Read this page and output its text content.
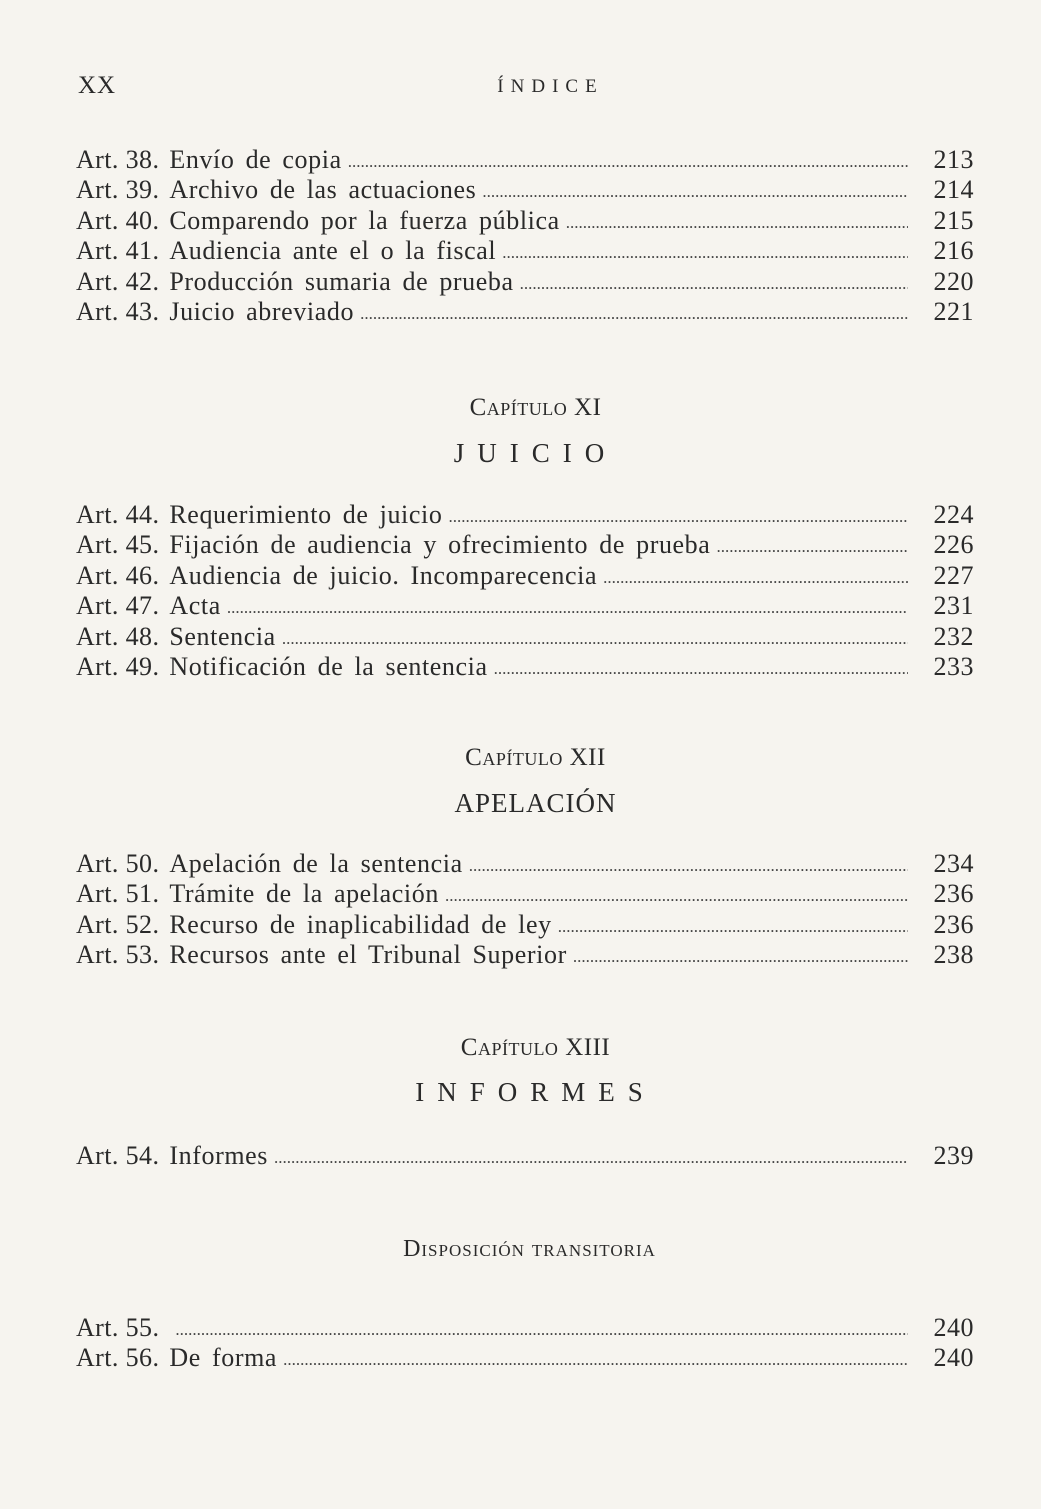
XX	ÍNDICE
Art. 38. Envío de copia .....	213
Art. 39. Archivo de las actuaciones .....	214
Art. 40. Comparendo por la fuerza pública .....	215
Art. 41. Audiencia ante el o la fiscal .....	216
Art. 42. Producción sumaria de prueba .....	220
Art. 43. Juicio abreviado .....	221
Capítulo XI
JUICIO
Art. 44. Requerimiento de juicio .....	224
Art. 45. Fijación de audiencia y ofrecimiento de prueba .....	226
Art. 46. Audiencia de juicio. Incomparecencia .....	227
Art. 47. Acta .....	231
Art. 48. Sentencia .....	232
Art. 49. Notificación de la sentencia .....	233
Capítulo XII
APELACIÓN
Art. 50. Apelación de la sentencia .....	234
Art. 51. Trámite de la apelación .....	236
Art. 52. Recurso de inaplicabilidad de ley .....	236
Art. 53. Recursos ante el Tribunal Superior .....	238
Capítulo XIII
INFORMES
Art. 54. Informes .....	239
Disposición transitoria
Art. 55. .....	240
Art. 56. De forma .....	240
